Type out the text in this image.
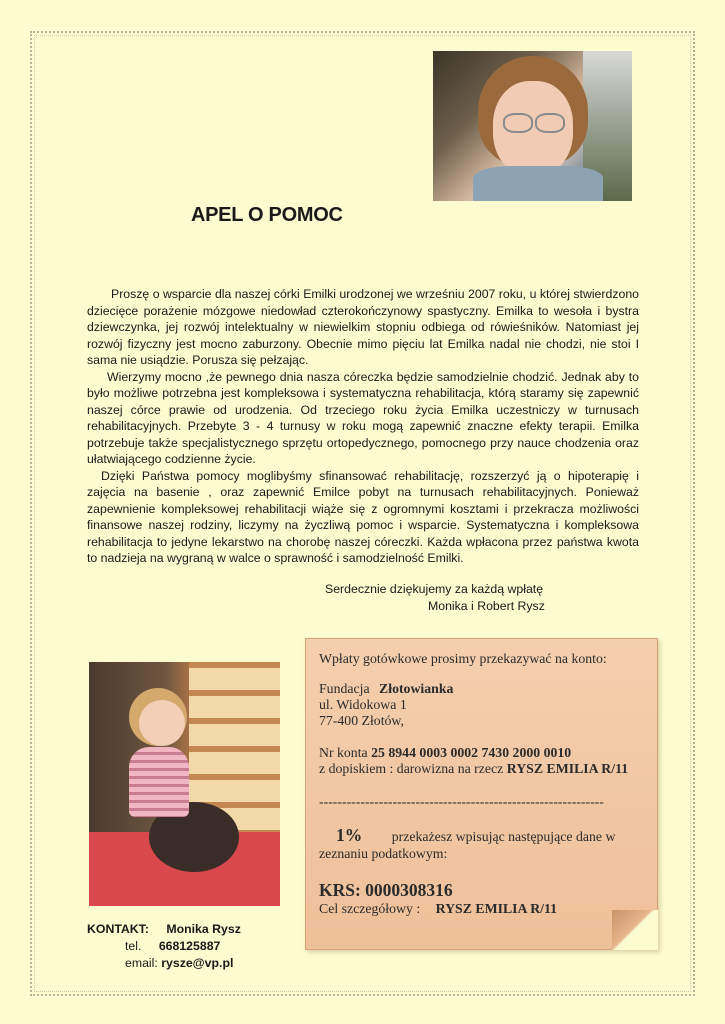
APEL O POMOC

Proszę o wsparcie dla naszej córki Emilki urodzonej we wrześniu 2007 roku, u której stwierdzono dziecięce porażenie mózgowe niedowład czterokończynowy spastyczny. Emilka to wesoła i bystra dziewczynka, jej rozwój intelektualny w niewielkim stopniu odbiega od rówieśników. Natomiast jej rozwój fizyczny jest mocno zaburzony. Obecnie mimo pięciu lat Emilka nadal nie chodzi, nie stoi I sama nie usiądzie. Porusza się pełzając.

Wierzymy mocno ,że pewnego dnia nasza córeczka będzie samodzielnie chodzić. Jednak aby to było możliwe potrzebna jest kompleksowa i systematyczna rehabilitacja, którą staramy się zapewnić naszej córce prawie od urodzenia. Od trzeciego roku życia Emilka uczestniczy w turnusach rehabilitacyjnych. Przebyte 3 - 4 turnusy w roku mogą zapewnić znaczne efekty terapii. Emilka potrzebuje także specjalistycznego sprzętu ortopedycznego, pomocnego przy nauce chodzenia oraz ułatwiającego codzienne życie.

Dzięki Państwa pomocy moglibyśmy sfinansować rehabilitację, rozszerzyć ją o hipoterapię i zajęcia na basenie , oraz zapewnić Emilce pobyt na turnusach rehabilitacyjnych. Ponieważ zapewnienie kompleksowej rehabilitacji wiąże się z ogromnymi kosztami i przekracza możliwości finansowe naszej rodziny, liczymy na życzliwą pomoc i wsparcie. Systematyczna i kompleksowa rehabilitacja to jedyne lekarstwo na chorobę naszej córeczki. Każda wpłacona przez państwa kwota to nadzieja na wygraną w walce o sprawność i samodzielność Emilki.

Serdecznie dziękujemy za każdą wpłatę
Monika i Robert Rysz
KONTAKT: Monika Rysz
tel. 668125887
email: rysze@vp.pl
Wpłaty gotówkowe prosimy przekazywać na konto:
Fundacja Złotowianka
ul. Widokowa 1
77-400 Złotów,
Nr konta 25 8944 0003 0002 7430 2000 0010
z dopiskiem : darowizna na rzecz RYSZ EMILIA R/11
--------------------------------------------------------------
1% przekażesz wpisując następujące dane w
zeznaniu podatkowym:
KRS: 0000308316
Cel szczegółowy : RYSZ EMILIA R/11
